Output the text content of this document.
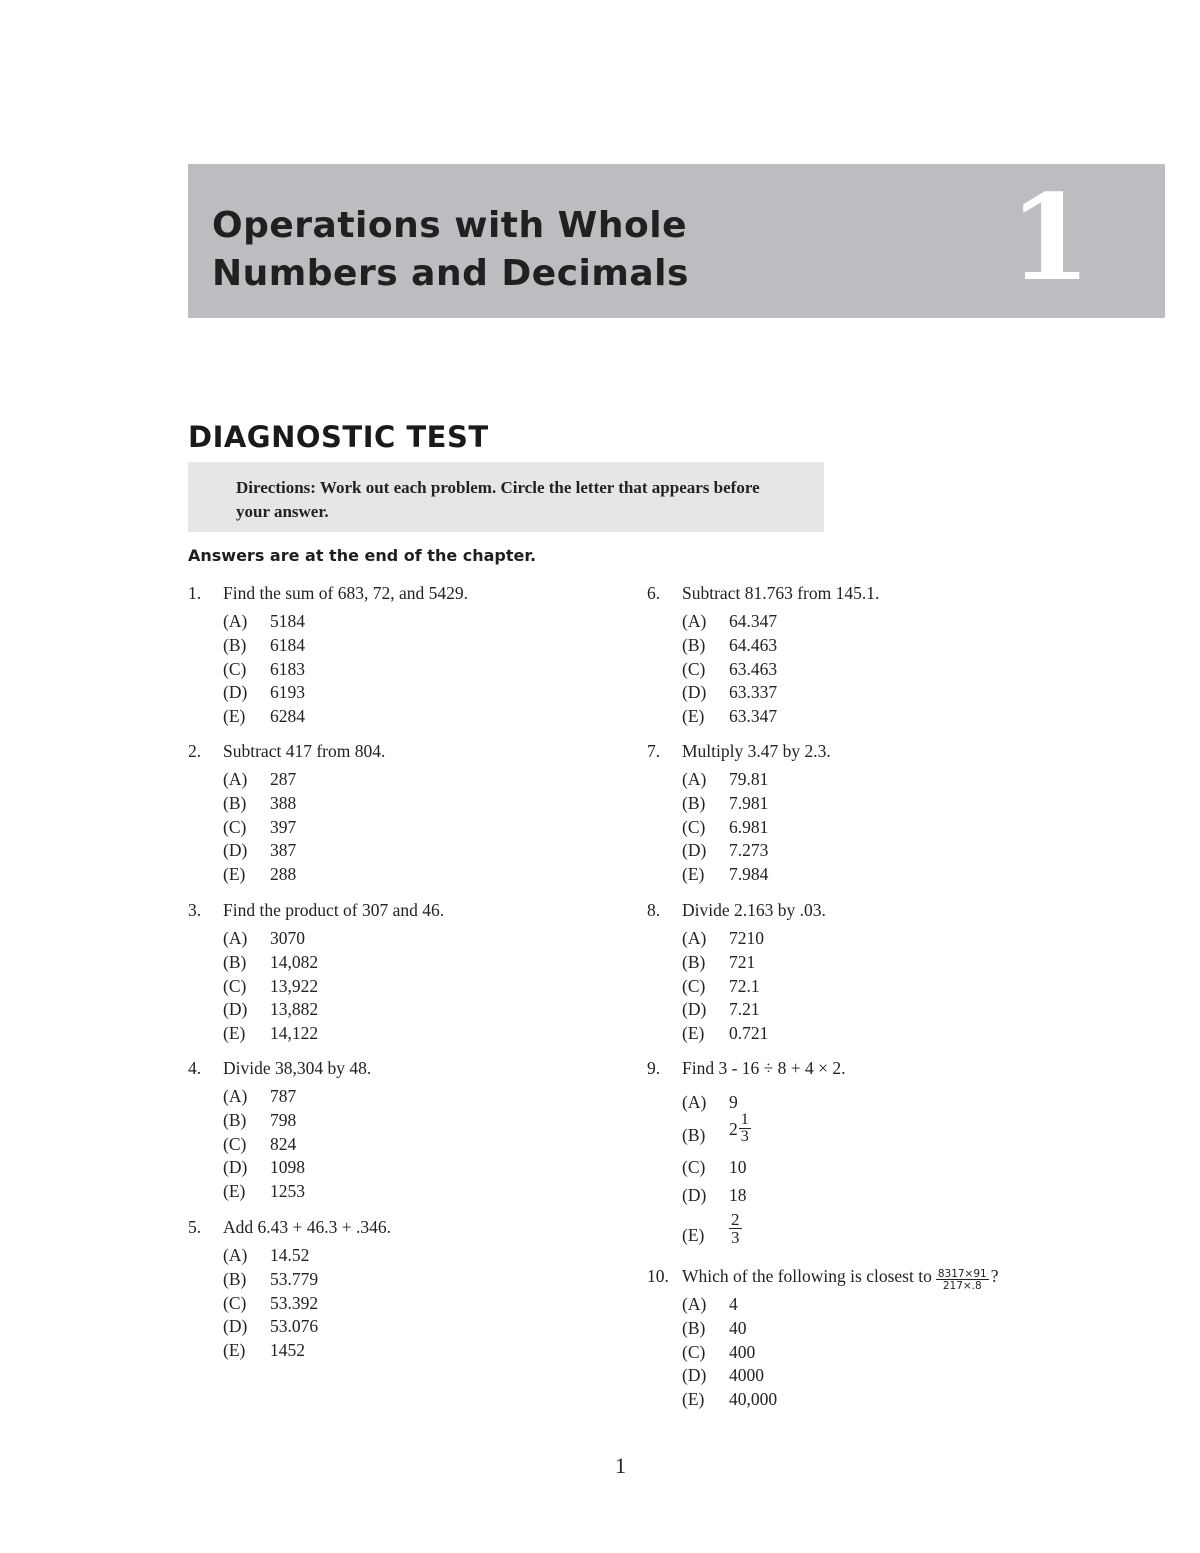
Operations with Whole
Numbers and Decimals	1
DIAGNOSTIC TEST
Directions: Work out each problem. Circle the letter that appears before your answer.
Answers are at the end of the chapter.
1. Find the sum of 683, 72, and 5429.
(A) 5184
(B) 6184
(C) 6183
(D) 6193
(E) 6284
2. Subtract 417 from 804.
(A) 287
(B) 388
(C) 397
(D) 387
(E) 288
3. Find the product of 307 and 46.
(A) 3070
(B) 14,082
(C) 13,922
(D) 13,882
(E) 14,122
4. Divide 38,304 by 48.
(A) 787
(B) 798
(C) 824
(D) 1098
(E) 1253
5. Add 6.43 + 46.3 + .346.
(A) 14.52
(B) 53.779
(C) 53.392
(D) 53.076
(E) 1452
6. Subtract 81.763 from 145.1.
(A) 64.347
(B) 64.463
(C) 63.463
(D) 63.337
(E) 63.347
7. Multiply 3.47 by 2.3.
(A) 79.81
(B) 7.981
(C) 6.981
(D) 7.273
(E) 7.984
8. Divide 2.163 by .03.
(A) 7210
(B) 721
(C) 72.1
(D) 7.21
(E) 0.721
9. Find 3 - 16 ÷ 8 + 4 × 2.
(A) 9
(B) $2 \frac{1}{3}$
(C) 10
(D) 18
$(E) \frac{2}{3}$
10. Which of the following is closest to $\frac{8317\times 91}{217\times.8}$ ?
(A) 4
(B) 40
(C) 400
(D) 4000
(E) 40,000
1
